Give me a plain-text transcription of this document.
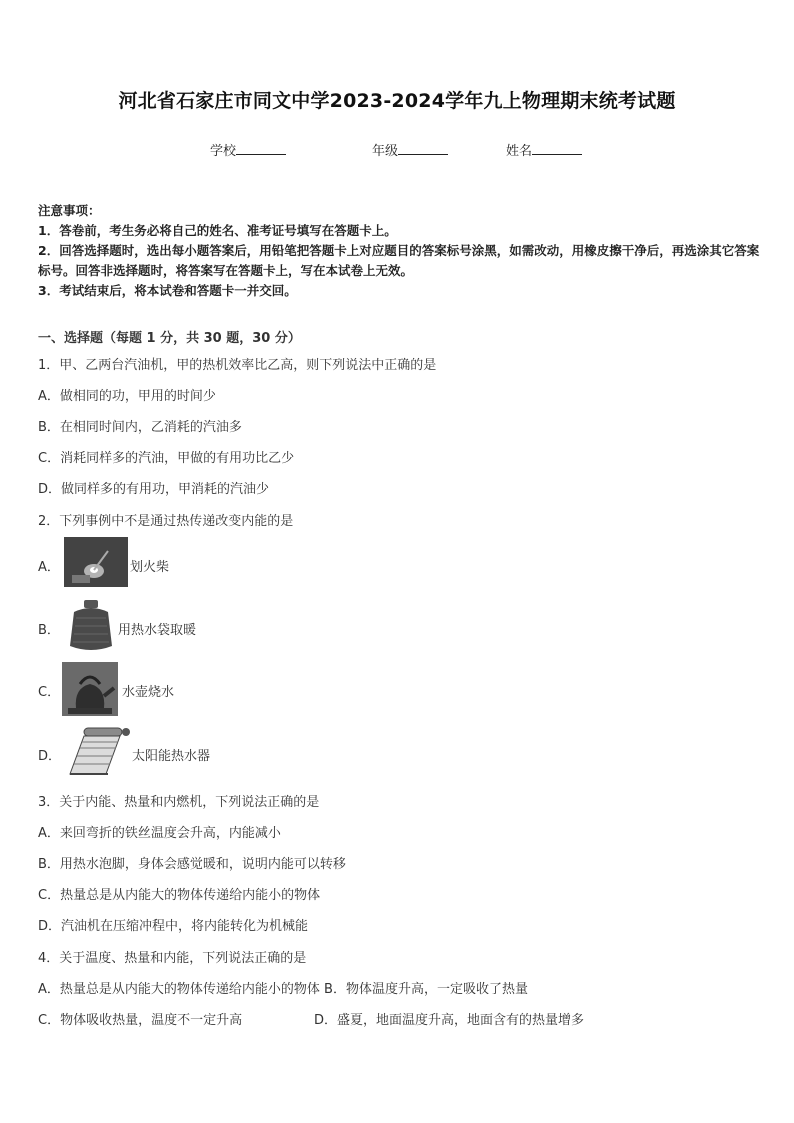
河北省石家庄市同文中学2023-2024学年九上物理期末统考试题
学校	年级	姓名
注意事项：
1．答卷前，考生务必将自己的姓名、准考证号填写在答题卡上。
2．回答选择题时，选出每小题答案后，用铅笔把答题卡上对应题目的答案标号涂黑，如需改动，用橡皮擦干净后，再选涂其它答案标号。回答非选择题时，将答案写在答题卡上，写在本试卷上无效。
3．考试结束后，将本试卷和答题卡一并交回。
一、选择题（每题 1 分，共 30 题，30 分）
1．甲、乙两台汽油机，甲的热机效率比乙高，则下列说法中正确的是
A．做相同的功，甲用的时间少
B．在相同时间内，乙消耗的汽油多
C．消耗同样多的汽油，甲做的有用功比乙少
D．做同样多的有用功，甲消耗的汽油少
2．下列事例中不是通过热传递改变内能的是
A．	划火柴
B．	用热水袋取暖
C．	水壶烧水
D．	太阳能热水器
3．关于内能、热量和内燃机，下列说法正确的是
A．来回弯折的铁丝温度会升高，内能减小
B．用热水泡脚，身体会感觉暖和，说明内能可以转移
C．热量总是从内能大的物体传递给内能小的物体
D．汽油机在压缩冲程中，将内能转化为机械能
4．关于温度、热量和内能，下列说法正确的是
A．热量总是从内能大的物体传递给内能小的物体 B．物体温度升高，一定吸收了热量
C．物体吸收热量，温度不一定升高	D．盛夏，地面温度升高，地面含有的热量增多
